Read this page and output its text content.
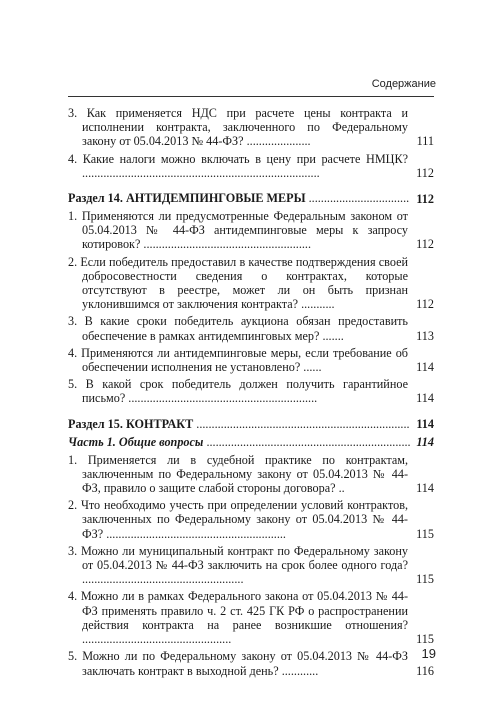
Содержание
3. Как применяется НДС при расчете цены контракта и исполнении контракта, заключенного по Федеральному закону от 05.04.2013 № 44-ФЗ? .....................	111
4. Какие налоги можно включать в цену при расчете НМЦК? ..............................................................................	112
Раздел 14. АНТИДЕМПИНГОВЫЕ МЕРЫ .....	112
1. Применяются ли предусмотренные Федеральным законом от 05.04.2013 № 44-ФЗ антидемпинговые меры к запросу котировок? .......................................................	112
2. Если победитель предоставил в качестве подтверждения своей добросовестности сведения о контрактах, которые отсутствуют в реестре, может ли он быть признан уклонившимся от заключения контракта? ...........	112
3. В какие сроки победитель аукциона обязан предоставить обеспечение в рамках антидемпинговых мер? .......	113
4. Применяются ли антидемпинговые меры, если требование об обеспечении исполнения не установлено? ......	114
5. В какой срок победитель должен получить гарантийное письмо? ..............................................................	114
Раздел 15. КОНТРАКТ .....	114
Часть 1. Общие вопросы .....	114
1. Применяется ли в судебной практике по контрактам, заключенным по Федеральному закону от 05.04.2013 № 44-ФЗ, правило о защите слабой стороны договора? ..	114
2. Что необходимо учесть при определении условий контрактов, заключенных по Федеральному закону от 05.04.2013 № 44-ФЗ? ...........................................................	115
3. Можно ли муниципальный контракт по Федеральному закону от 05.04.2013 № 44-ФЗ заключить на срок более одного года? .....................................................	115
4. Можно ли в рамках Федерального закона от 05.04.2013 № 44-ФЗ применять правило ч. 2 ст. 425 ГК РФ о распространении действия контракта на ранее возникшие отношения? .................................................	115
5. Можно ли по Федеральному закону от 05.04.2013 № 44-ФЗ заключать контракт в выходной день? ............	116
19
